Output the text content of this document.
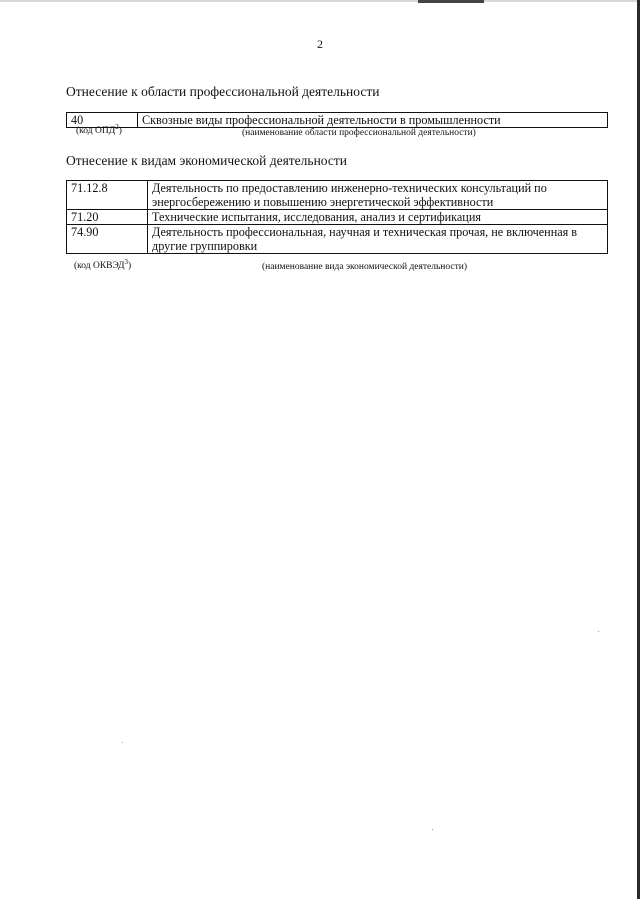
2
Отнесение к области профессиональной деятельности
40	Сквозные виды профессиональной деятельности в промышленности
(код ОПД$^2$)	(наименование области профессиональной деятельности)
Отнесение к видам экономической деятельности
71.12.8	Деятельность по предоставлению инженерно-технических консультаций по энергосбережению и повышению энергетической эффективности
71.20	Технические испытания, исследования, анализ и сертификация
74.90	Деятельность профессиональная, научная и техническая прочая, не включенная в другие группировки
(код ОКВЭД$^3$)	(наименование вида экономической деятельности)
